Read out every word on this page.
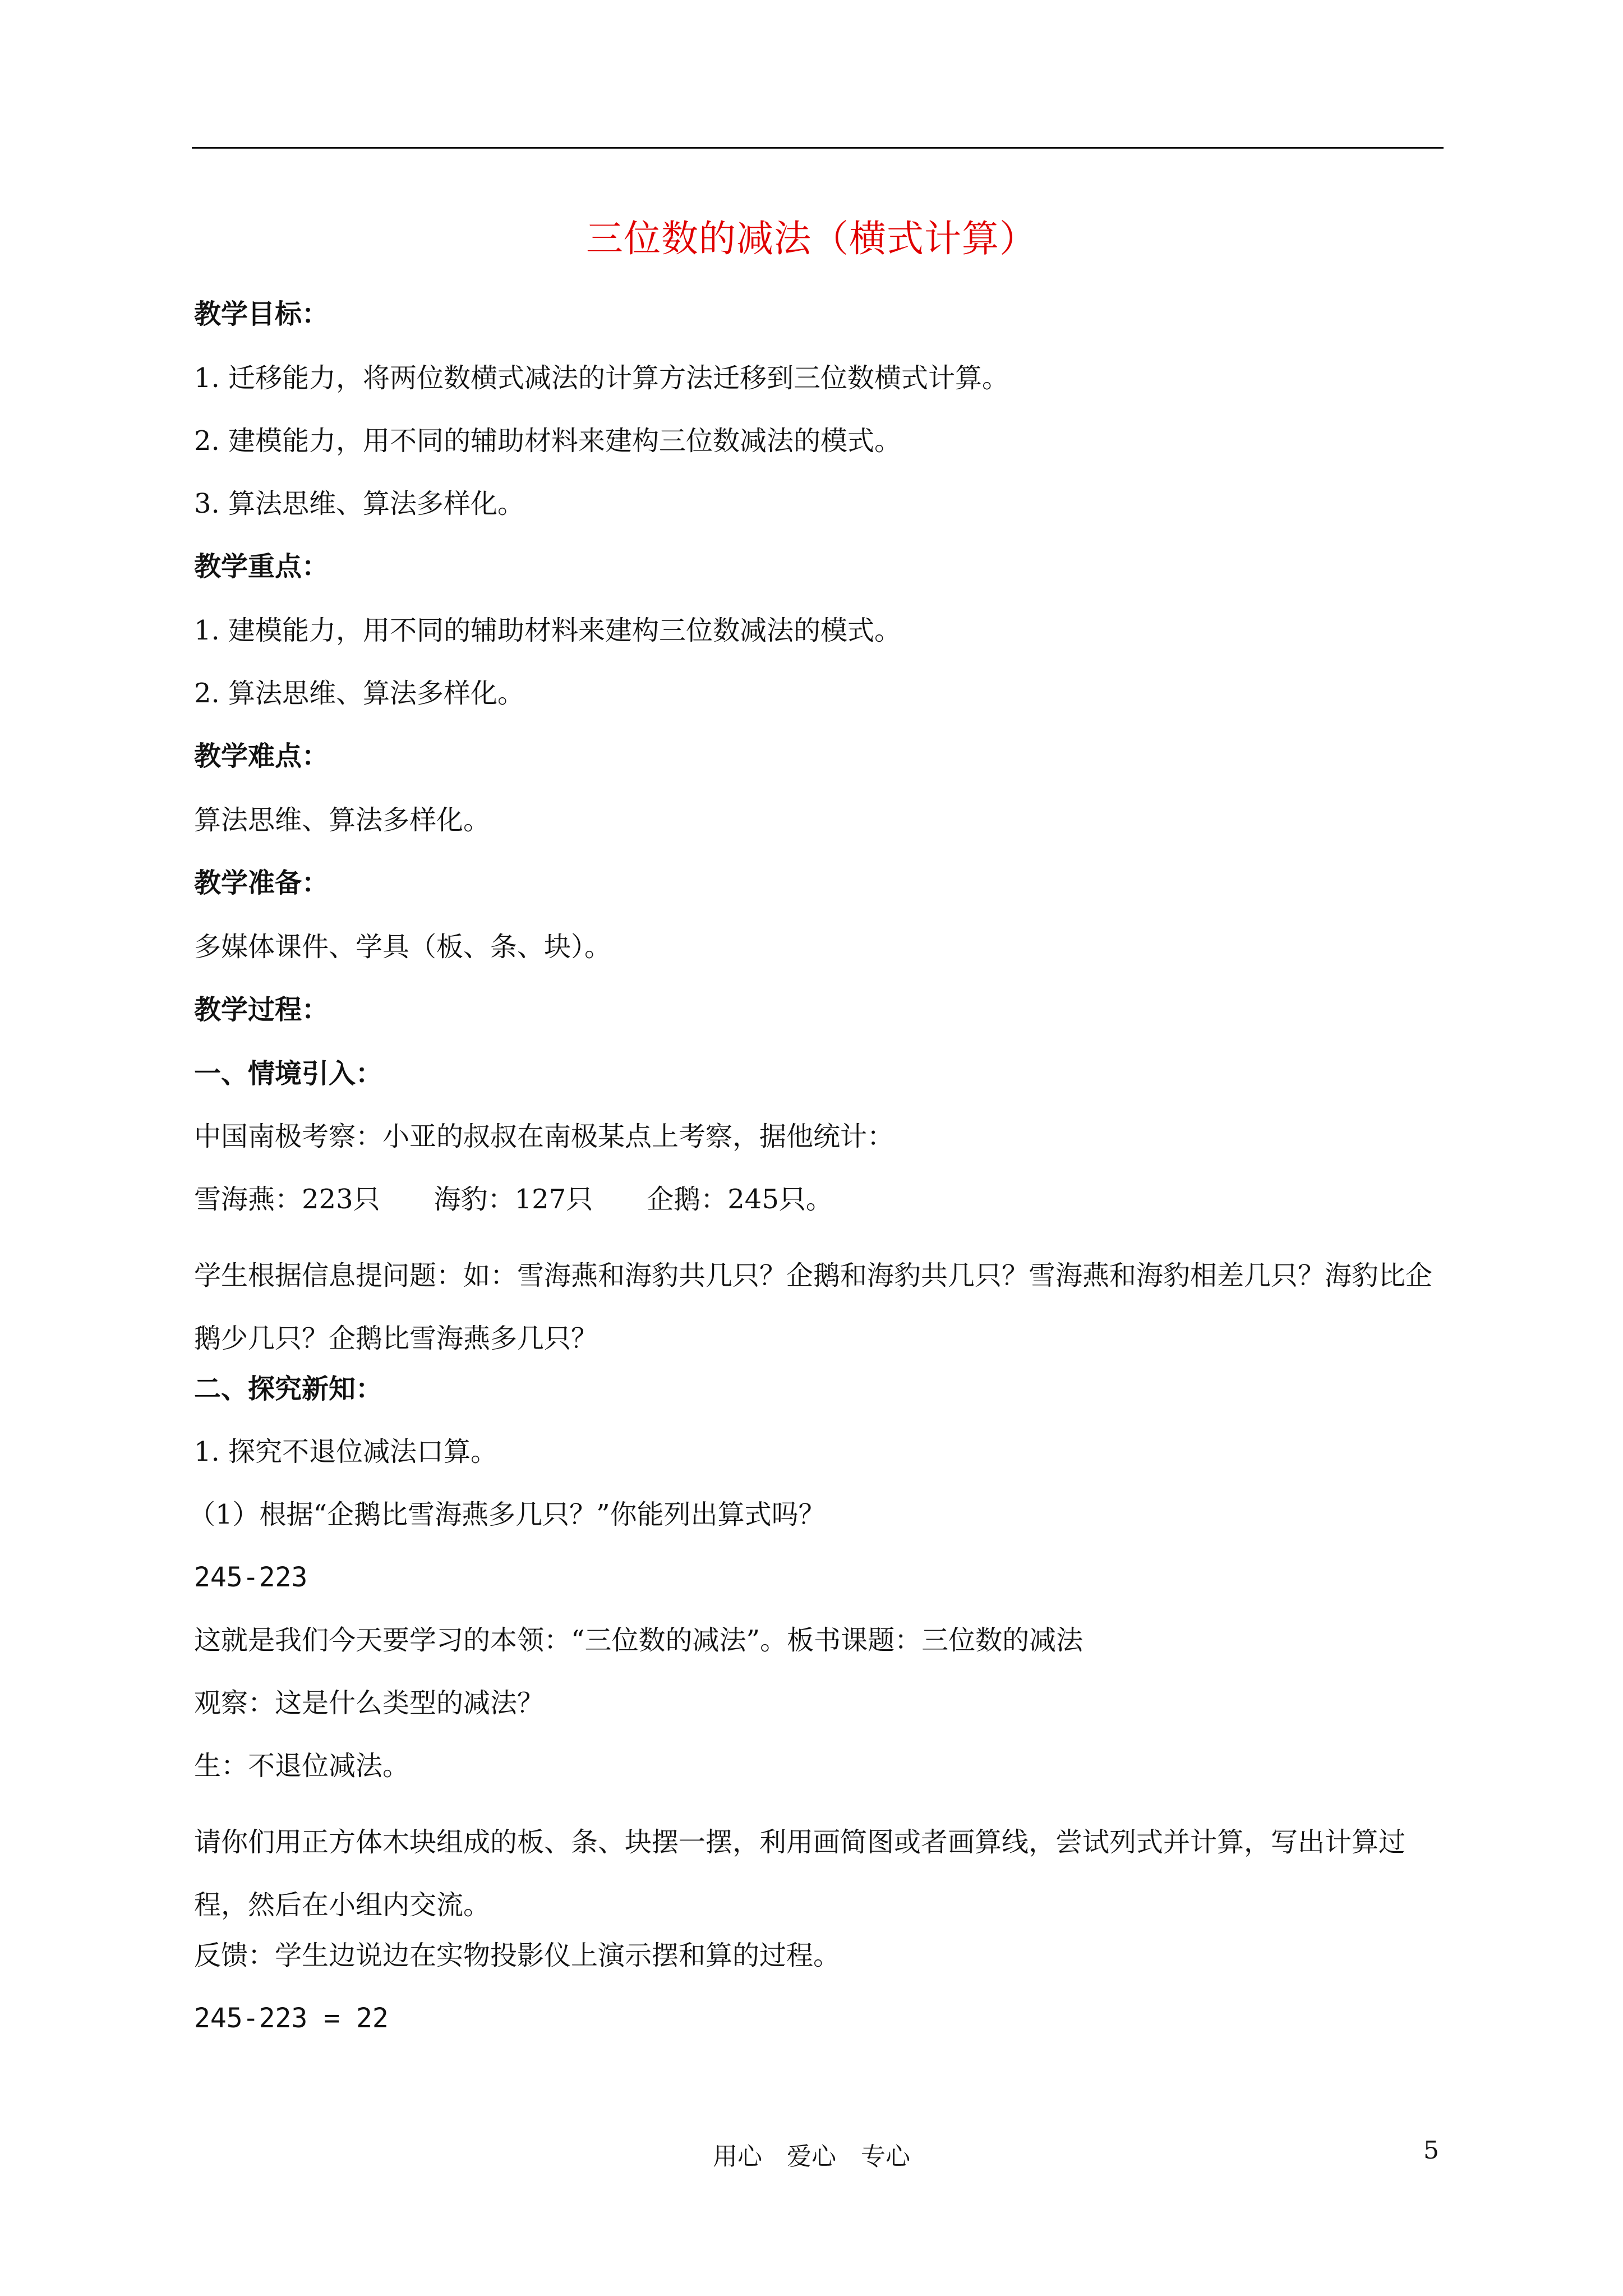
三位数的减法（横式计算）
教学目标：
1. 迁移能力，将两位数横式减法的计算方法迁移到三位数横式计算。
2. 建模能力，用不同的辅助材料来建构三位数减法的模式。
3. 算法思维、算法多样化。
教学重点：
1. 建模能力，用不同的辅助材料来建构三位数减法的模式。
2. 算法思维、算法多样化。
教学难点：
算法思维、算法多样化。
教学准备：
多媒体课件、学具（板、条、块）。
教学过程：
一、情境引入：
中国南极考察：小亚的叔叔在南极某点上考察，据他统计：
雪海燕：223只　　海豹：127只　　企鹅：245只。
学生根据信息提问题：如：雪海燕和海豹共几只？企鹅和海豹共几只？雪海燕和海豹相差几只？海豹比企鹅少几只？企鹅比雪海燕多几只？
二、探究新知：
1. 探究不退位减法口算。
（1）根据“企鹅比雪海燕多几只？”你能列出算式吗？
245-223
这就是我们今天要学习的本领：“三位数的减法”。板书课题：三位数的减法
观察：这是什么类型的减法？
生：不退位减法。
请你们用正方体木块组成的板、条、块摆一摆，利用画简图或者画算线，尝试列式并计算，写出计算过程，然后在小组内交流。
反馈：学生边说边在实物投影仪上演示摆和算的过程。
245-223 = 22
用心　爱心　专心	5
